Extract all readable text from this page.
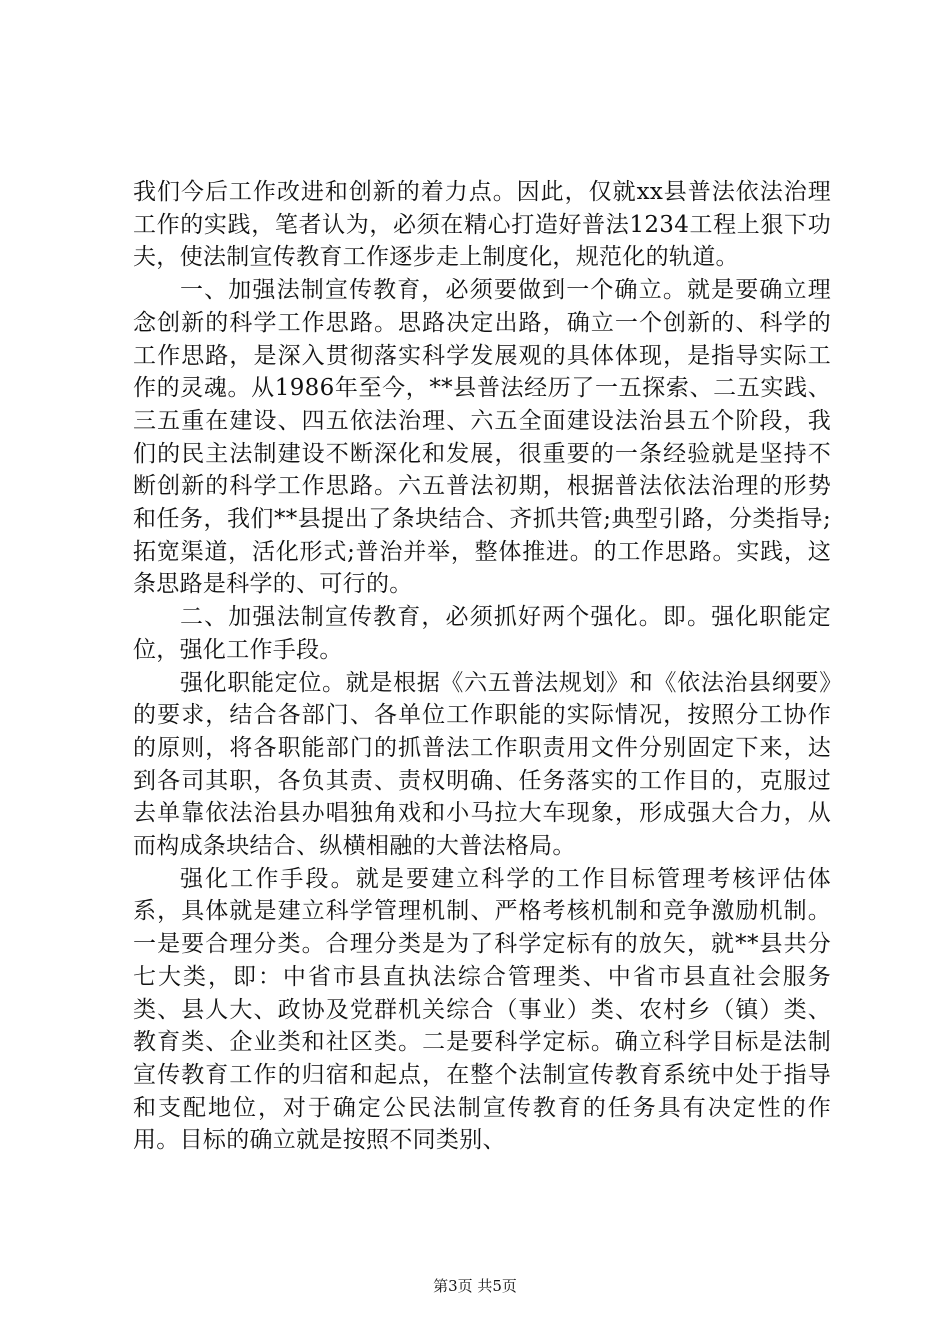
我们今后工作改进和创新的着力点。因此，仅就xx县普法依法治理工作的实践，笔者认为，必须在精心打造好普法1234工程上狠下功夫，使法制宣传教育工作逐步走上制度化，规范化的轨道。

一、加强法制宣传教育，必须要做到一个确立。就是要确立理念创新的科学工作思路。思路决定出路，确立一个创新的、科学的工作思路，是深入贯彻落实科学发展观的具体体现，是指导实际工作的灵魂。从1986年至今，**县普法经历了一五探索、二五实践、三五重在建设、四五依法治理、六五全面建设法治县五个阶段，我们的民主法制建设不断深化和发展，很重要的一条经验就是坚持不断创新的科学工作思路。六五普法初期，根据普法依法治理的形势和任务，我们**县提出了条块结合、齐抓共管;典型引路，分类指导;拓宽渠道，活化形式;普治并举，整体推进。的工作思路。实践，这条思路是科学的、可行的。

二、加强法制宣传教育，必须抓好两个强化。即。强化职能定位，强化工作手段。

强化职能定位。就是根据《六五普法规划》和《依法治县纲要》的要求，结合各部门、各单位工作职能的实际情况，按照分工协作的原则，将各职能部门的抓普法工作职责用文件分别固定下来，达到各司其职，各负其责、责权明确、任务落实的工作目的，克服过去单靠依法治县办唱独角戏和小马拉大车现象，形成强大合力，从而构成条块结合、纵横相融的大普法格局。

强化工作手段。就是要建立科学的工作目标管理考核评估体系，具体就是建立科学管理机制、严格考核机制和竞争激励机制。一是要合理分类。合理分类是为了科学定标有的放矢，就**县共分七大类，即：中省市县直执法综合管理类、中省市县直社会服务类、县人大、政协及党群机关综合（事业）类、农村乡（镇）类、教育类、企业类和社区类。二是要科学定标。确立科学目标是法制宣传教育工作的归宿和起点，在整个法制宣传教育系统中处于指导和支配地位，对于确定公民法制宣传教育的任务具有决定性的作用。目标的确立就是按照不同类别、

第3页 共5页
